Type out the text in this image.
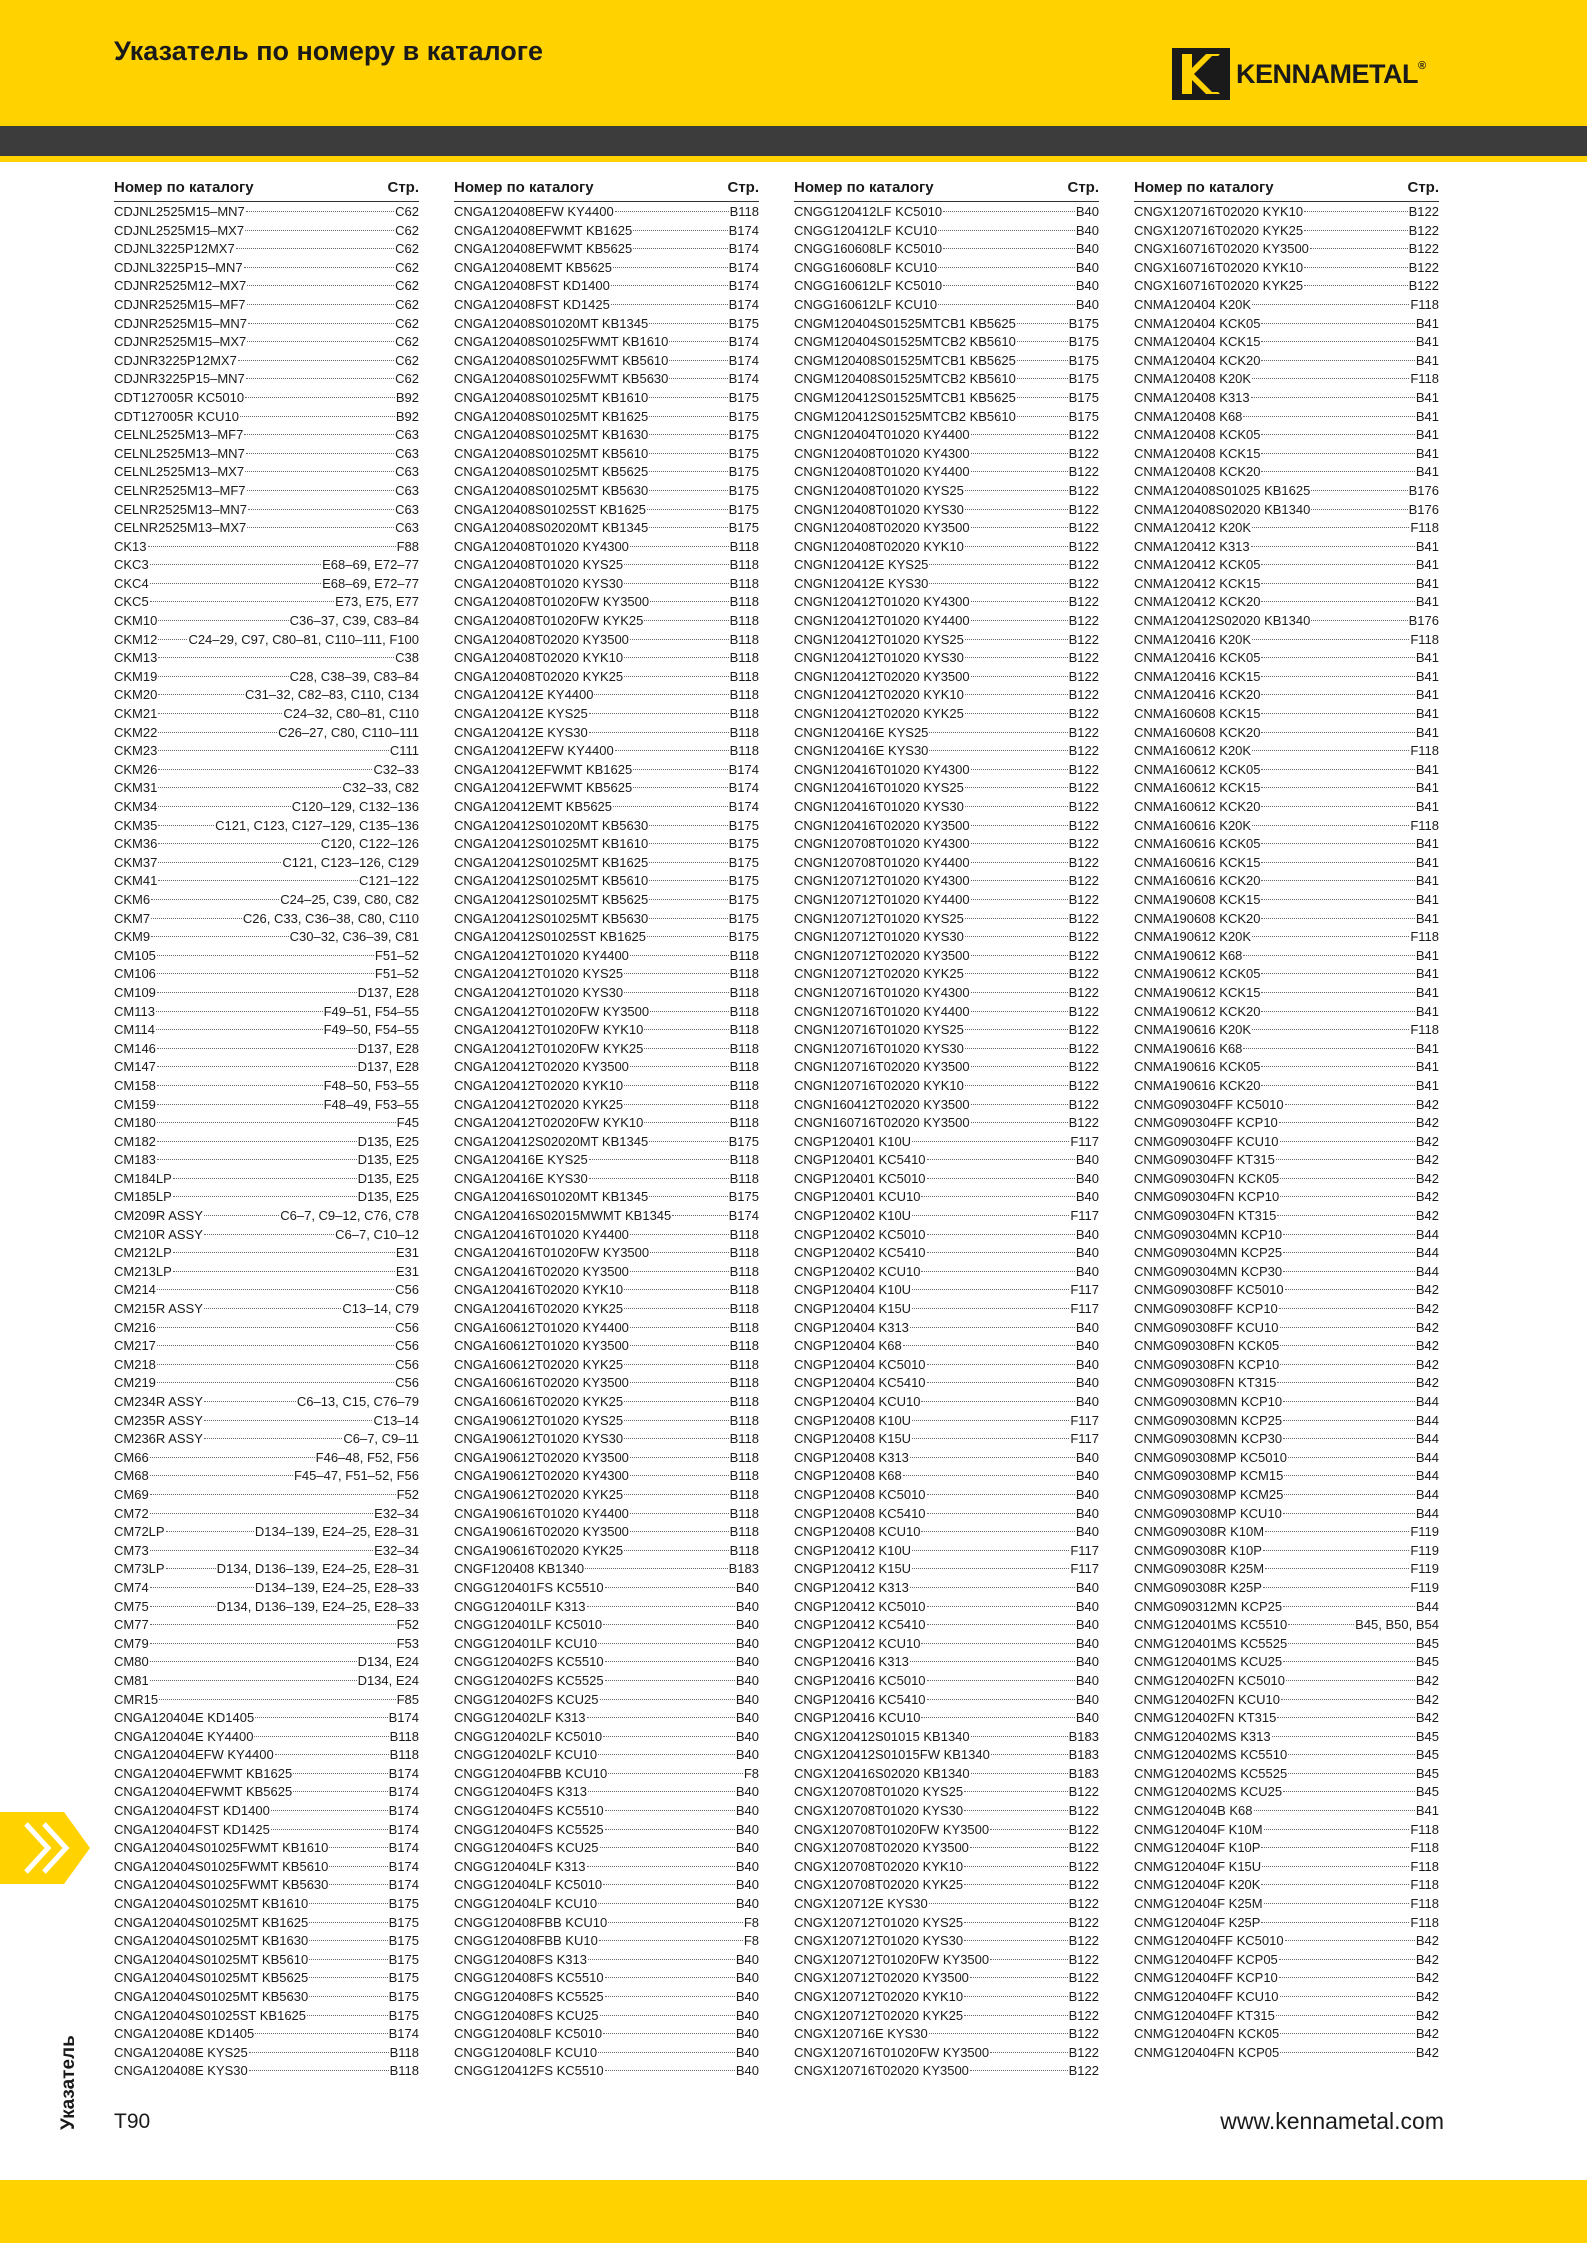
Указатель по номеру в каталоге
KENNAMETAL ®
Номер по каталогу	Стр.
CDJNL2525M15–MN7	C62
CDJNL2525M15–MX7	C62
CDJNL3225P12MX7	C62
CDJNL3225P15–MN7	C62
CDJNR2525M12–MX7	C62
CDJNR2525M15–MF7	C62
CDJNR2525M15–MN7	C62
CDJNR2525M15–MX7	C62
CDJNR3225P12MX7	C62
CDJNR3225P15–MN7	C62
CDT127005R KC5010	B92
CDT127005R KCU10	B92
CELNL2525M13–MF7	C63
CELNL2525M13–MN7	C63
CELNL2525M13–MX7	C63
CELNR2525M13–MF7	C63
CELNR2525M13–MN7	C63
CELNR2525M13–MX7	C63
CK13	F88
CKC3	E68–69, E72–77
CKC4	E68–69, E72–77
CKC5	E73, E75, E77
CKM10	C36–37, C39, C83–84
CKM12 C24–29, C97, C80–81, C110–111, F100
CKM13	C38
CKM19	C28, C38–39, C83–84
CKM20	C31–32, C82–83, C110, C134
CKM21	C24–32, C80–81, C110
CKM22	C26–27, C80, C110–111
CKM23	C111
CKM26	C32–33
CKM31	C32–33, C82
CKM34	C120–129, C132–136
CKM35	C121, C123, C127–129, C135–136
CKM36	C120, C122–126
CKM37	C121, C123–126, C129
CKM41	C121–122
CKM6	C24–25, C39, C80, C82
CKM7	C26, C33, C36–38, C80, C110
CKM9	C30–32, C36–39, C81
CM105	F51–52
CM106	F51–52
CM109	D137, E28
CM113	F49–51, F54–55
CM114	F49–50, F54–55
CM146	D137, E28
CM147	D137, E28
CM158	F48–50, F53–55
CM159	F48–49, F53–55
CM180	F45
CM182	D135, E25
CM183	D135, E25
CM184LP	D135, E25
CM185LP	D135, E25
CM209R ASSY	C6–7, C9–12, C76, C78
CM210R ASSY	C6–7, C10–12
CM212LP	E31
CM213LP	E31
CM214	C56
CM215R ASSY	C13–14, C79
CM216	C56
CM217	C56
CM218	C56
CM219	C56
CM234R ASSY	C6–13, C15, C76–79
CM235R ASSY	C13–14
CM236R ASSY	C6–7, C9–11
CM66	F46–48, F52, F56
CM68	F45–47, F51–52, F56
CM69	F52
CM72	E32–34
CM72LP	D134–139, E24–25, E28–31
CM73	E32–34
CM73LP	D134, D136–139, E24–25, E28–31
CM74	D134–139, E24–25, E28–33
CM75	D134, D136–139, E24–25, E28–33
CM77	F52
CM79	F53
CM80	D134, E24
CM81	D134, E24
CMR15	F85
CNGA120404E KD1405	B174
CNGA120404E KY4400	B118
CNGA120404EFW KY4400	B118
CNGA120404EFWMT KB1625	B174
CNGA120404EFWMT KB5625	B174
CNGA120404FST KD1400	B174
CNGA120404FST KD1425	B174
CNGA120404S01025FWMT KB1610	B174
CNGA120404S01025FWMT KB5610	B174
CNGA120404S01025FWMT KB5630	B174
CNGA120404S01025MT KB1610	B175
CNGA120404S01025MT KB1625	B175
CNGA120404S01025MT KB1630	B175
CNGA120404S01025MT KB5610	B175
CNGA120404S01025MT KB5625	B175
CNGA120404S01025MT KB5630	B175
CNGA120404S01025ST KB1625	B175
CNGA120408E KD1405	B174
CNGA120408E KYS25	B118
CNGA120408E KYS30	B118
Номер по каталогу	Стр.
CNGA120408EFW KY4400	B118
CNGA120408EFWMT KB1625	B174
CNGA120408EFWMT KB5625	B174
CNGA120408EMT KB5625	B174
CNGA120408FST KD1400	B174
CNGA120408FST KD1425	B174
CNGA120408S01020MT KB1345	B175
CNGA120408S01025FWMT KB1610	B174
CNGA120408S01025FWMT KB5610	B174
CNGA120408S01025FWMT KB5630	B174
CNGA120408S01025MT KB1610	B175
CNGA120408S01025MT KB1625	B175
CNGA120408S01025MT KB1630	B175
CNGA120408S01025MT KB5610	B175
CNGA120408S01025MT KB5625	B175
CNGA120408S01025MT KB5630	B175
CNGA120408S01025ST KB1625	B175
CNGA120408S02020MT KB1345	B175
CNGA120408T01020 KY4300	B118
CNGA120408T01020 KYS25	B118
CNGA120408T01020 KYS30	B118
CNGA120408T01020FW KY3500	B118
CNGA120408T01020FW KYK25	B118
CNGA120408T02020 KY3500	B118
CNGA120408T02020 KYK10	B118
CNGA120408T02020 KYK25	B118
CNGA120412E KY4400	B118
CNGA120412E KYS25	B118
CNGA120412E KYS30	B118
CNGA120412EFW KY4400	B118
CNGA120412EFWMT KB1625	B174
CNGA120412EFWMT KB5625	B174
CNGA120412EMT KB5625	B174
CNGA120412S01020MT KB5630	B175
CNGA120412S01025MT KB1610	B175
CNGA120412S01025MT KB1625	B175
CNGA120412S01025MT KB5610	B175
CNGA120412S01025MT KB5625	B175
CNGA120412S01025MT KB5630	B175
CNGA120412S01025ST KB1625	B175
CNGA120412T01020 KY4400	B118
CNGA120412T01020 KYS25	B118
CNGA120412T01020 KYS30	B118
CNGA120412T01020FW KY3500	B118
CNGA120412T01020FW KYK10	B118
CNGA120412T01020FW KYK25	B118
CNGA120412T02020 KY3500	B118
CNGA120412T02020 KYK10	B118
CNGA120412T02020 KYK25	B118
CNGA120412T02020FW KYK10	B118
CNGA120412S02020MT KB1345	B175
CNGA120416E KYS25	B118
CNGA120416E KYS30	B118
CNGA120416S01020MT KB1345	B175
CNGA120416S02015MWMT KB1345	B174
CNGA120416T01020 KY4400	B118
CNGA120416T01020FW KY3500	B118
CNGA120416T02020 KY3500	B118
CNGA120416T02020 KYK10	B118
CNGA120416T02020 KYK25	B118
CNGA160612T01020 KY4400	B118
CNGA160612T01020 KY3500	B118
CNGA160612T02020 KYK25	B118
CNGA160616T02020 KY3500	B118
CNGA160616T02020 KYK25	B118
CNGA190612T01020 KYS25	B118
CNGA190612T01020 KYS30	B118
CNGA190612T02020 KY3500	B118
CNGA190612T02020 KY4300	B118
CNGA190612T02020 KYK25	B118
CNGA190616T01020 KY4400	B118
CNGA190616T02020 KY3500	B118
CNGA190616T02020 KYK25	B118
CNGF120408 KB1340	B183
CNGG120401FS KC5510	B40
CNGG120401LF K313	B40
CNGG120401LF KC5010	B40
CNGG120401LF KCU10	B40
CNGG120402FS KC5510	B40
CNGG120402FS KC5525	B40
CNGG120402FS KCU25	B40
CNGG120402LF K313	B40
CNGG120402LF KC5010	B40
CNGG120402LF KCU10	B40
CNGG120404FBB KCU10	F8
CNGG120404FS K313	B40
CNGG120404FS KC5510	B40
CNGG120404FS KC5525	B40
CNGG120404FS KCU25	B40
CNGG120404LF K313	B40
CNGG120404LF KC5010	B40
CNGG120404LF KCU10	B40
CNGG120408FBB KCU10	F8
CNGG120408FBB KU10	F8
CNGG120408FS K313	B40
CNGG120408FS KC5510	B40
CNGG120408FS KC5525	B40
CNGG120408FS KCU25	B40
CNGG120408LF KC5010	B40
CNGG120408LF KCU10	B40
CNGG120412FS KC5510	B40
Номер по каталогу	Стр.
CNGG120412LF KC5010	B40
CNGG120412LF KCU10	B40
CNGG160608LF KC5010	B40
CNGG160608LF KCU10	B40
CNGG160612LF KC5010	B40
CNGG160612LF KCU10	B40
CNGM120404S01525MTCB1 KB5625	B175
CNGM120404S01525MTCB2 KB5610	B175
CNGM120408S01525MTCB1 KB5625	B175
CNGM120408S01525MTCB2 KB5610	B175
CNGM120412S01525MTCB1 KB5625	B175
CNGM120412S01525MTCB2 KB5610	B175
CNGN120404T01020 KY4400	B122
CNGN120408T01020 KY4300	B122
CNGN120408T01020 KY4400	B122
CNGN120408T01020 KYS25	B122
CNGN120408T01020 KYS30	B122
CNGN120408T02020 KY3500	B122
CNGN120408T02020 KYK10	B122
CNGN120412E KYS25	B122
CNGN120412E KYS30	B122
CNGN120412T01020 KY4300	B122
CNGN120412T01020 KY4400	B122
CNGN120412T01020 KYS25	B122
CNGN120412T01020 KYS30	B122
CNGN120412T02020 KY3500	B122
CNGN120412T02020 KYK10	B122
CNGN120412T02020 KYK25	B122
CNGN120416E KYS25	B122
CNGN120416E KYS30	B122
CNGN120416T01020 KY4300	B122
CNGN120416T01020 KYS25	B122
CNGN120416T01020 KYS30	B122
CNGN120416T02020 KY3500	B122
CNGN120708T01020 KY4300	B122
CNGN120708T01020 KY4400	B122
CNGN120712T01020 KY4300	B122
CNGN120712T01020 KY4400	B122
CNGN120712T01020 KYS25	B122
CNGN120712T01020 KYS30	B122
CNGN120712T02020 KY3500	B122
CNGN120712T02020 KYK25	B122
CNGN120716T01020 KY4300	B122
CNGN120716T01020 KY4400	B122
CNGN120716T01020 KYS25	B122
CNGN120716T01020 KYS30	B122
CNGN120716T02020 KY3500	B122
CNGN120716T02020 KYK10	B122
CNGN160412T02020 KY3500	B122
CNGN160716T02020 KY3500	B122
CNGP120401 K10U	F117
CNGP120401 KC5410	B40
CNGP120401 KC5010	B40
CNGP120401 KCU10	B40
CNGP120402 K10U	F117
CNGP120402 KC5010	B40
CNGP120402 KC5410	B40
CNGP120402 KCU10	B40
CNGP120404 K10U	F117
CNGP120404 K15U	F117
CNGP120404 K313	B40
CNGP120404 K68	B40
CNGP120404 KC5010	B40
CNGP120404 KC5410	B40
CNGP120404 KCU10	B40
CNGP120408 K10U	F117
CNGP120408 K15U	F117
CNGP120408 K313	B40
CNGP120408 K68	B40
CNGP120408 KC5010	B40
CNGP120408 KC5410	B40
CNGP120408 KCU10	B40
CNGP120412 K10U	F117
CNGP120412 K15U	F117
CNGP120412 K313	B40
CNGP120412 KC5010	B40
CNGP120412 KC5410	B40
CNGP120412 KCU10	B40
CNGP120416 K313	B40
CNGP120416 KC5010	B40
CNGP120416 KC5410	B40
CNGP120416 KCU10	B40
CNGX120412S01015 KB1340	B183
CNGX120412S01015FW KB1340	B183
CNGX120416S02020 KB1340	B183
CNGX120708T01020 KYS25	B122
CNGX120708T01020 KYS30	B122
CNGX120708T01020FW KY3500	B122
CNGX120708T02020 KY3500	B122
CNGX120708T02020 KYK10	B122
CNGX120708T02020 KYK25	B122
CNGX120712E KYS30	B122
CNGX120712T01020 KYS25	B122
CNGX120712T01020 KYS30	B122
CNGX120712T01020FW KY3500	B122
CNGX120712T02020 KY3500	B122
CNGX120712T02020 KYK10	B122
CNGX120712T02020 KYK25	B122
CNGX120716E KYS30	B122
CNGX120716T01020FW KY3500	B122
CNGX120716T02020 KY3500	B122
Номер по каталогу	Стр.
CNGX120716T02020 KYK10	B122
CNGX120716T02020 KYK25	B122
CNGX160716T02020 KY3500	B122
CNGX160716T02020 KYK10	B122
CNGX160716T02020 KYK25	B122
CNMA120404 K20K	F118
CNMA120404 KCK05	B41
CNMA120404 KCK15	B41
CNMA120404 KCK20	B41
CNMA120408 K20K	F118
CNMA120408 K313	B41
CNMA120408 K68	B41
CNMA120408 KCK05	B41
CNMA120408 KCK15	B41
CNMA120408 KCK20	B41
CNMA120408S01025 KB1625	B176
CNMA120408S02020 KB1340	B176
CNMA120412 K20K	F118
CNMA120412 K313	B41
CNMA120412 KCK05	B41
CNMA120412 KCK15	B41
CNMA120412 KCK20	B41
CNMA120412S02020 KB1340	B176
CNMA120416 K20K	F118
CNMA120416 KCK05	B41
CNMA120416 KCK15	B41
CNMA120416 KCK20	B41
CNMA160608 KCK15	B41
CNMA160608 KCK20	B41
CNMA160612 K20K	F118
CNMA160612 KCK05	B41
CNMA160612 KCK15	B41
CNMA160612 KCK20	B41
CNMA160616 K20K	F118
CNMA160616 KCK05	B41
CNMA160616 KCK15	B41
CNMA160616 KCK20	B41
CNMA190608 KCK15	B41
CNMA190608 KCK20	B41
CNMA190612 K20K	F118
CNMA190612 K68	B41
CNMA190612 KCK05	B41
CNMA190612 KCK15	B41
CNMA190612 KCK20	B41
CNMA190616 K20K	F118
CNMA190616 K68	B41
CNMA190616 KCK05	B41
CNMA190616 KCK20	B41
CNMG090304FF KC5010	B42
CNMG090304FF KCP10	B42
CNMG090304FF KCU10	B42
CNMG090304FF KT315	B42
CNMG090304FN KCK05	B42
CNMG090304FN KCP10	B42
CNMG090304FN KT315	B42
CNMG090304MN KCP10	B44
CNMG090304MN KCP25	B44
CNMG090304MN KCP30	B44
CNMG090308FF KC5010	B42
CNMG090308FF KCP10	B42
CNMG090308FF KCU10	B42
CNMG090308FN KCK05	B42
CNMG090308FN KCP10	B42
CNMG090308FN KT315	B42
CNMG090308MN KCP10	B44
CNMG090308MN KCP25	B44
CNMG090308MN KCP30	B44
CNMG090308MP KC5010	B44
CNMG090308MP KCM15	B44
CNMG090308MP KCM25	B44
CNMG090308MP KCU10	B44
CNMG090308R K10M	F119
CNMG090308R K10P	F119
CNMG090308R K25M	F119
CNMG090308R K25P	F119
CNMG090312MN KCP25	B44
CNMG120401MS KC5510	B45, B50, B54
CNMG120401MS KC5525	B45
CNMG120401MS KCU25	B45
CNMG120402FN KC5010	B42
CNMG120402FN KCU10	B42
CNMG120402FN KT315	B42
CNMG120402MS K313	B45
CNMG120402MS KC5510	B45
CNMG120402MS KC5525	B45
CNMG120402MS KCU25	B45
CNMG120404B K68	B41
CNMG120404F K10M	F118
CNMG120404F K10P	F118
CNMG120404F K15U	F118
CNMG120404F K20K	F118
CNMG120404F K25M	F118
CNMG120404F K25P	F118
CNMG120404FF KC5010	B42
CNMG120404FF KCP05	B42
CNMG120404FF KCP10	B42
CNMG120404FF KCU10	B42
CNMG120404FF KT315	B42
CNMG120404FN KCK05	B42
CNMG120404FN KCP05	B42
Указатель T90	www.kennametal.com
